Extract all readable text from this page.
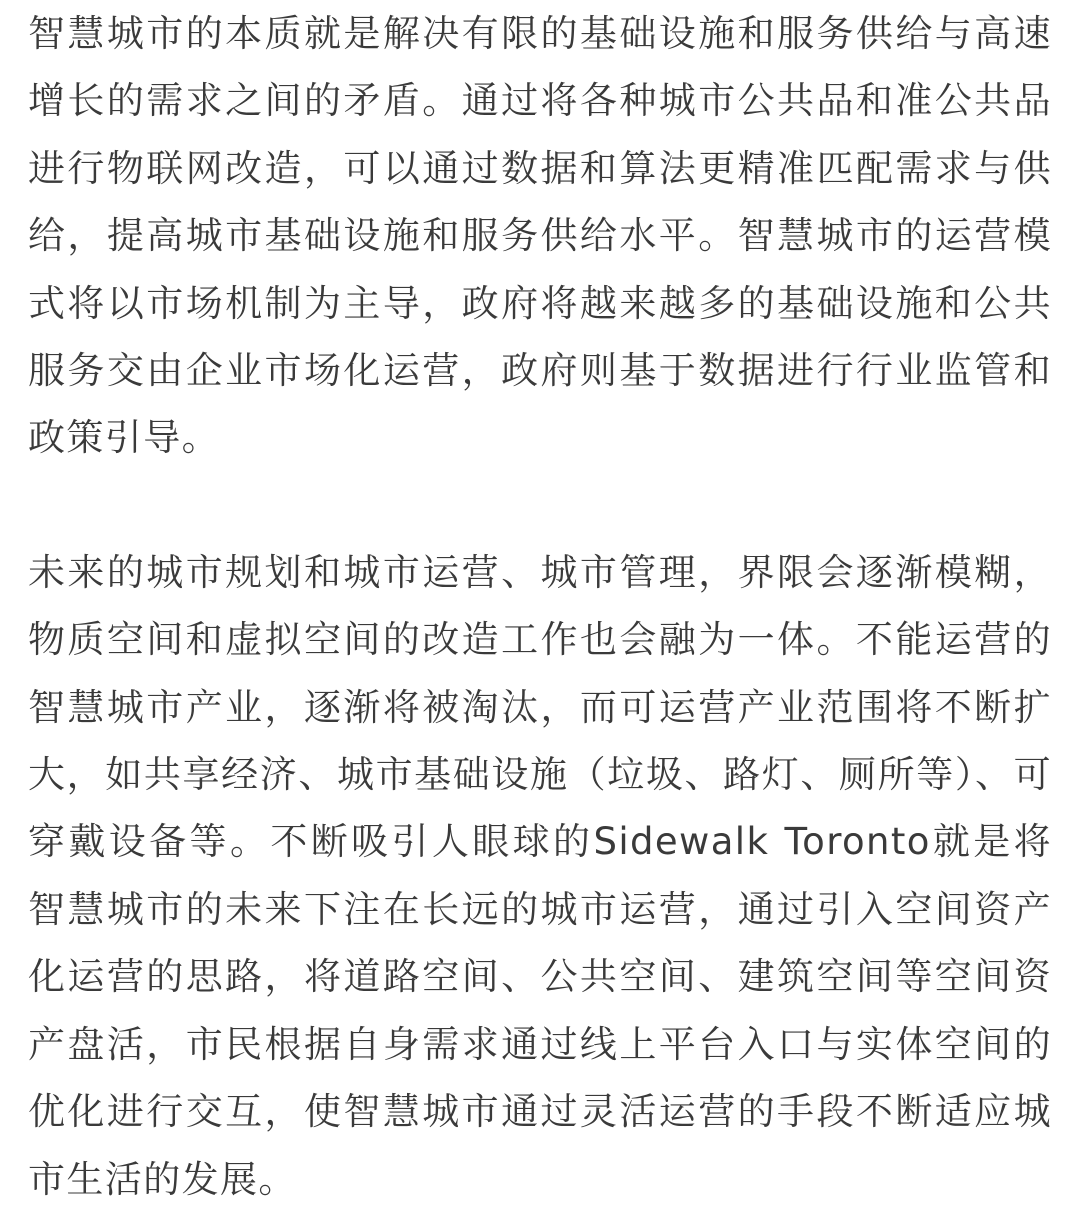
智慧城市的本质就是解决有限的基础设施和服务供给与高速增长的需求之间的矛盾。通过将各种城市公共品和准公共品进行物联网改造，可以通过数据和算法更精准匹配需求与供给，提高城市基础设施和服务供给水平。智慧城市的运营模式将以市场机制为主导，政府将越来越多的基础设施和公共服务交由企业市场化运营，政府则基于数据进行行业监管和政策引导。

未来的城市规划和城市运营、城市管理，界限会逐渐模糊，物质空间和虚拟空间的改造工作也会融为一体。不能运营的智慧城市产业，逐渐将被淘汰，而可运营产业范围将不断扩大，如共享经济、城市基础设施（垃圾、路灯、厕所等）、可穿戴设备等。不断吸引人眼球的Sidewalk Toronto就是将智慧城市的未来下注在长远的城市运营，通过引入空间资产化运营的思路，将道路空间、公共空间、建筑空间等空间资产盘活，市民根据自身需求通过线上平台入口与实体空间的优化进行交互，使智慧城市通过灵活运营的手段不断适应城市生活的发展。
